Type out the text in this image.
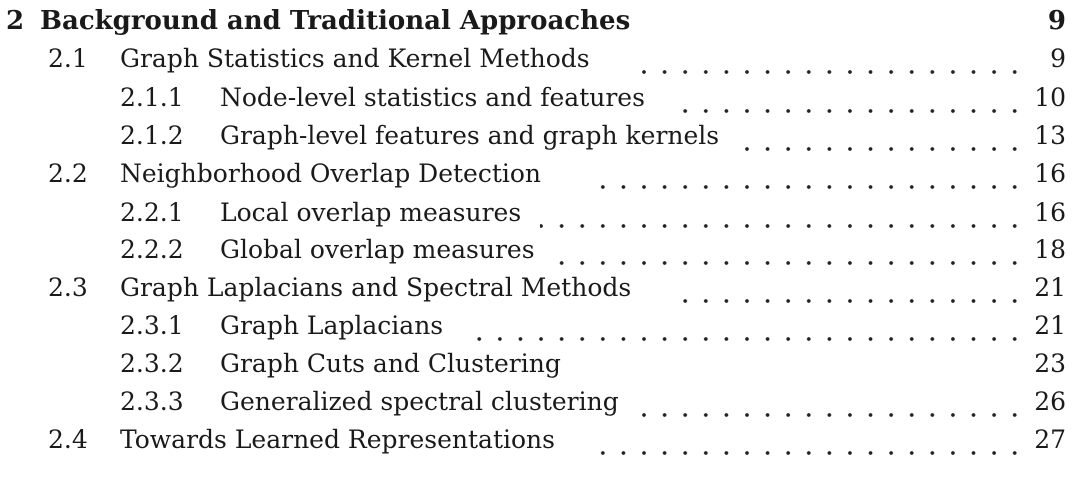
2 Background and Traditional Approaches	9
2.1 Graph Statistics and Kernel Methods	9
2.1.1 Node-level statistics and features	10
2.1.2 Graph-level features and graph kernels	13
2.2 Neighborhood Overlap Detection	16
2.2.1 Local overlap measures	16
2.2.2 Global overlap measures	18
2.3 Graph Laplacians and Spectral Methods	21
2.3.1 Graph Laplacians	21
2.3.2 Graph Cuts and Clustering	23
2.3.3 Generalized spectral clustering	26
2.4 Towards Learned Representations	27
